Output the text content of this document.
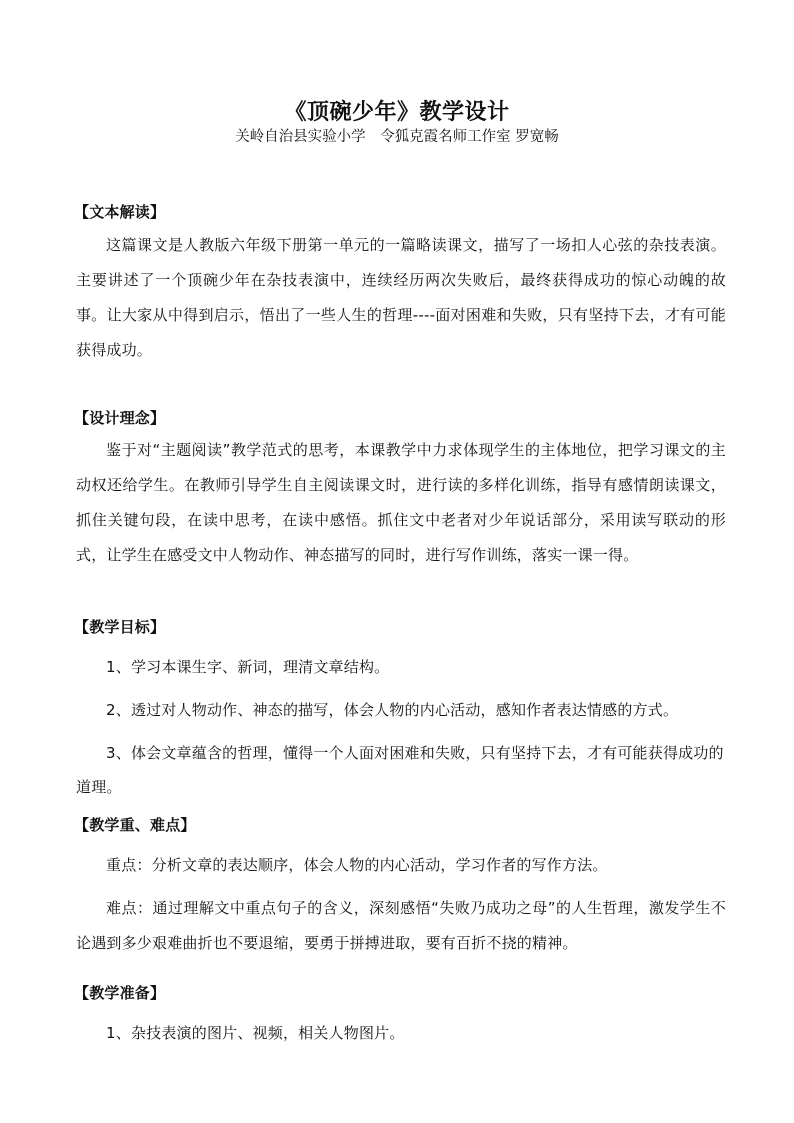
《顶碗少年》教学设计
关岭自治县实验小学　令狐克霞名师工作室 罗宽畅
【文本解读】

这篇课文是人教版六年级下册第一单元的一篇略读课文，描写了一场扣人心弦的杂技表演。主要讲述了一个顶碗少年在杂技表演中，连续经历两次失败后，最终获得成功的惊心动魄的故事。让大家从中得到启示，悟出了一些人生的哲理----面对困难和失败，只有坚持下去，才有可能获得成功。

【设计理念】

鉴于对“主题阅读”教学范式的思考，本课教学中力求体现学生的主体地位，把学习课文的主动权还给学生。在教师引导学生自主阅读课文时，进行读的多样化训练，指导有感情朗读课文，抓住关键句段，在读中思考，在读中感悟。抓住文中老者对少年说话部分，采用读写联动的形式，让学生在感受文中人物动作、神态描写的同时，进行写作训练，落实一课一得。

【教学目标】

1、学习本课生字、新词，理清文章结构。

2、透过对人物动作、神态的描写，体会人物的内心活动，感知作者表达情感的方式。

3、体会文章蕴含的哲理，懂得一个人面对困难和失败，只有坚持下去，才有可能获得成功的道理。

【教学重、难点】

重点：分析文章的表达顺序，体会人物的内心活动，学习作者的写作方法。

难点：通过理解文中重点句子的含义，深刻感悟“失败乃成功之母”的人生哲理，激发学生不论遇到多少艰难曲折也不要退缩，要勇于拼搏进取，要有百折不挠的精神。

【教学准备】

1、杂技表演的图片、视频，相关人物图片。
